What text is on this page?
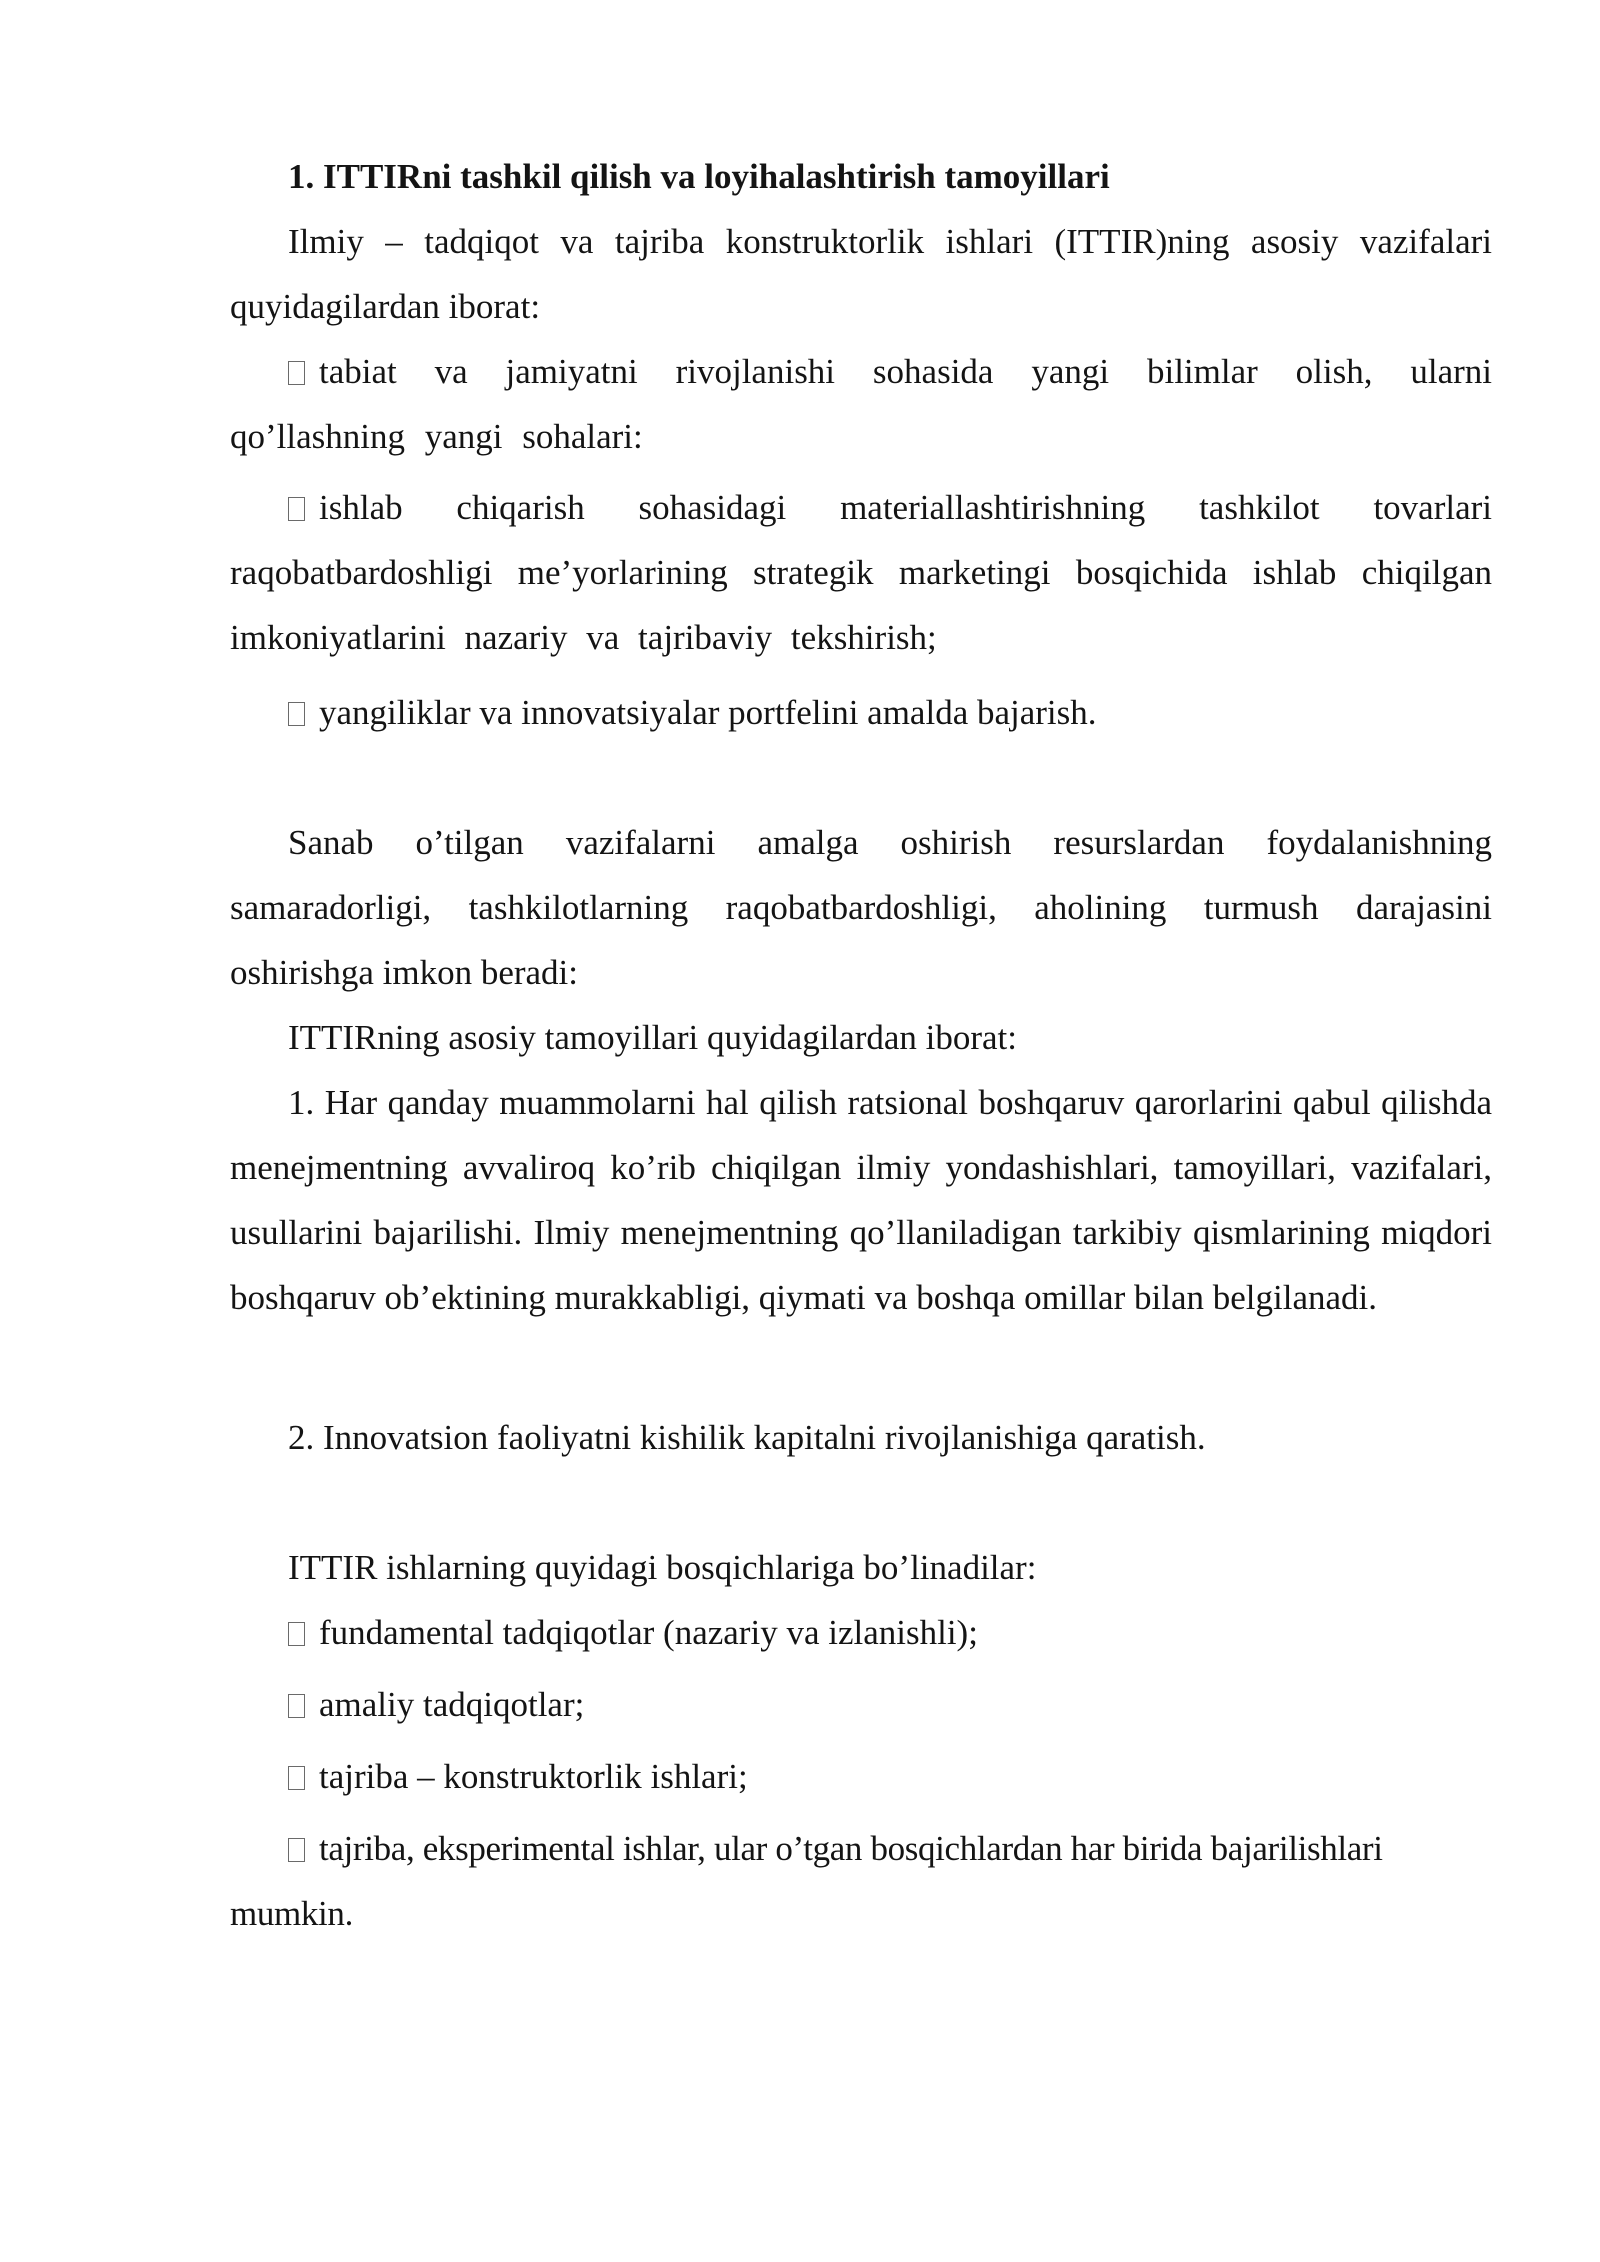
1. ITTIRni tashkil qilish va loyihalashtirish tamoyillari

Ilmiy – tadqiqot va tajriba konstruktorlik ishlari (ITTIR)ning asosiy vazifalari quyidagilardan iborat:

tabiat va jamiyatni rivojlanishi sohasida yangi bilimlar olish, ularni qo’llashning yangi sohalari:

ishlab chiqarish sohasidagi materiallashtirishning tashkilot tovarlari raqobatbardoshligi me’yorlarining strategik marketingi bosqichida ishlab chiqilgan imkoniyatlarini nazariy va tajribaviy tekshirish;

yangiliklar va innovatsiyalar portfelini amalda bajarish.

Sanab o’tilgan vazifalarni amalga oshirish resurslardan foydalanishning samaradorligi, tashkilotlarning raqobatbardoshligi, aholining turmush darajasini oshirishga imkon beradi:

ITTIRning asosiy tamoyillari quyidagilardan iborat:

1. Har qanday muammolarni hal qilish ratsional boshqaruv qarorlarini qabul qilishda menejmentning avvaliroq ko’rib chiqilgan ilmiy yondashishlari, tamoyillari, vazifalari, usullarini bajarilishi. Ilmiy menejmentning qo’llaniladigan tarkibiy qismlarining miqdori boshqaruv ob’ektining murakkabligi, qiymati va boshqa omillar bilan belgilanadi.

2. Innovatsion faoliyatni kishilik kapitalni rivojlanishiga qaratish.

ITTIR ishlarning quyidagi bosqichlariga bo’linadilar:

fundamental tadqiqotlar (nazariy va izlanishli);

amaliy tadqiqotlar;

tajriba – konstruktorlik ishlari;

tajriba, eksperimental ishlar, ular o’tgan bosqichlardan har birida bajarilishlari mumkin.
